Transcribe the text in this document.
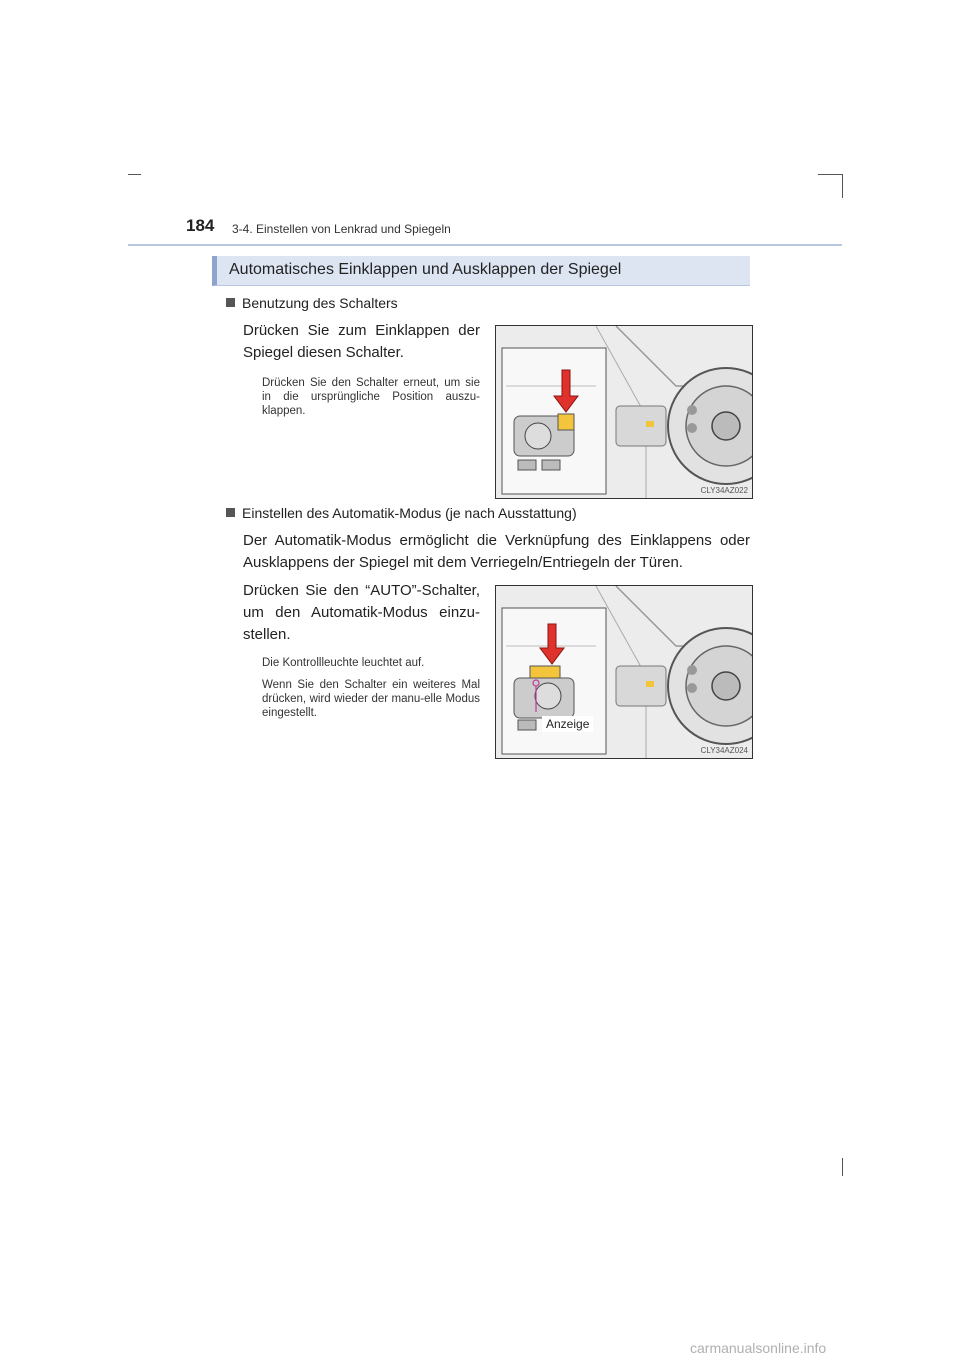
184 3-4. Einstellen von Lenkrad und Spiegeln
Automatisches Einklappen und Ausklappen der Spiegel
Benutzung des Schalters
Drücken Sie zum Einklappen der Spiegel diesen Schalter.
Drücken Sie den Schalter erneut, um sie in die ursprüngliche Position auszu-klappen.
CLY34AZ022
Einstellen des Automatik-Modus (je nach Ausstattung)
Der Automatik-Modus ermöglicht die Verknüpfung des Einklappens oder Ausklappens der Spiegel mit dem Verriegeln/Entriegeln der Türen.
Drücken Sie den “AUTO”-Schalter, um den Automatik-Modus einzu-stellen.
Die Kontrollleuchte leuchtet auf.
Wenn Sie den Schalter ein weiteres Mal drücken, wird wieder der manu-elle Modus eingestellt.
Anzeige
CLY34AZ024
carmanualsonline.info
